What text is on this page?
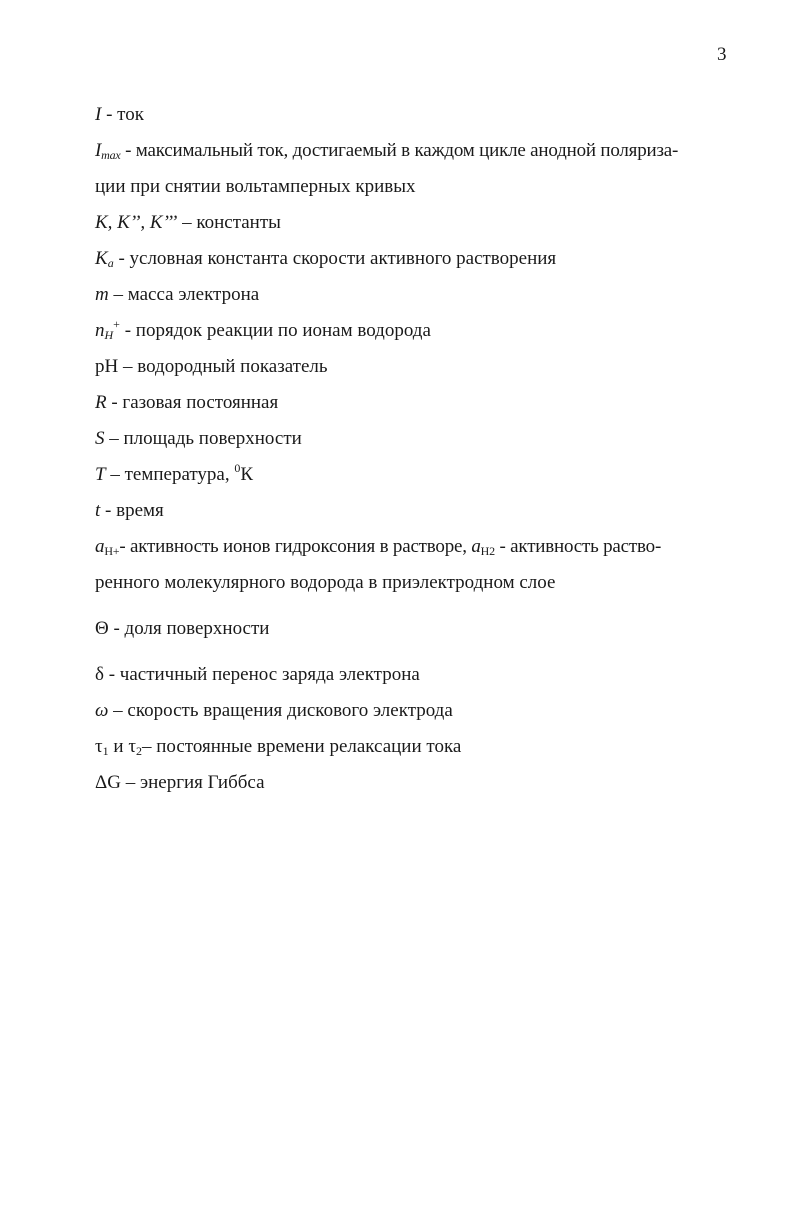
3
I - ток
$I_{max}$ - максимальный ток, достигаемый в каждом цикле анодной поляриза-
ции при снятии вольтамперных кривых
K, K’’, K’’’ – константы
$K_a$ - условная константа скорости активного растворения
m – масса электрона
$n_H^+$ - порядок реакции по ионам водорода
pH – водородный показатель
R - газовая постоянная
S – площадь поверхности
T – температура, $^0$К
t - время
$a_{H+}-$ активность ионов гидроксония в растворе, $a_{H2}$ - активность раство-
ренного молекулярного водорода в приэлектродном слое
Θ - доля поверхности
δ - частичный перенос заряда электрона
ω – скорость вращения дискового электрода
$\tau_1$ и $\tau_2-$ постоянные времени релаксации тока
ΔG – энергия Гиббса
